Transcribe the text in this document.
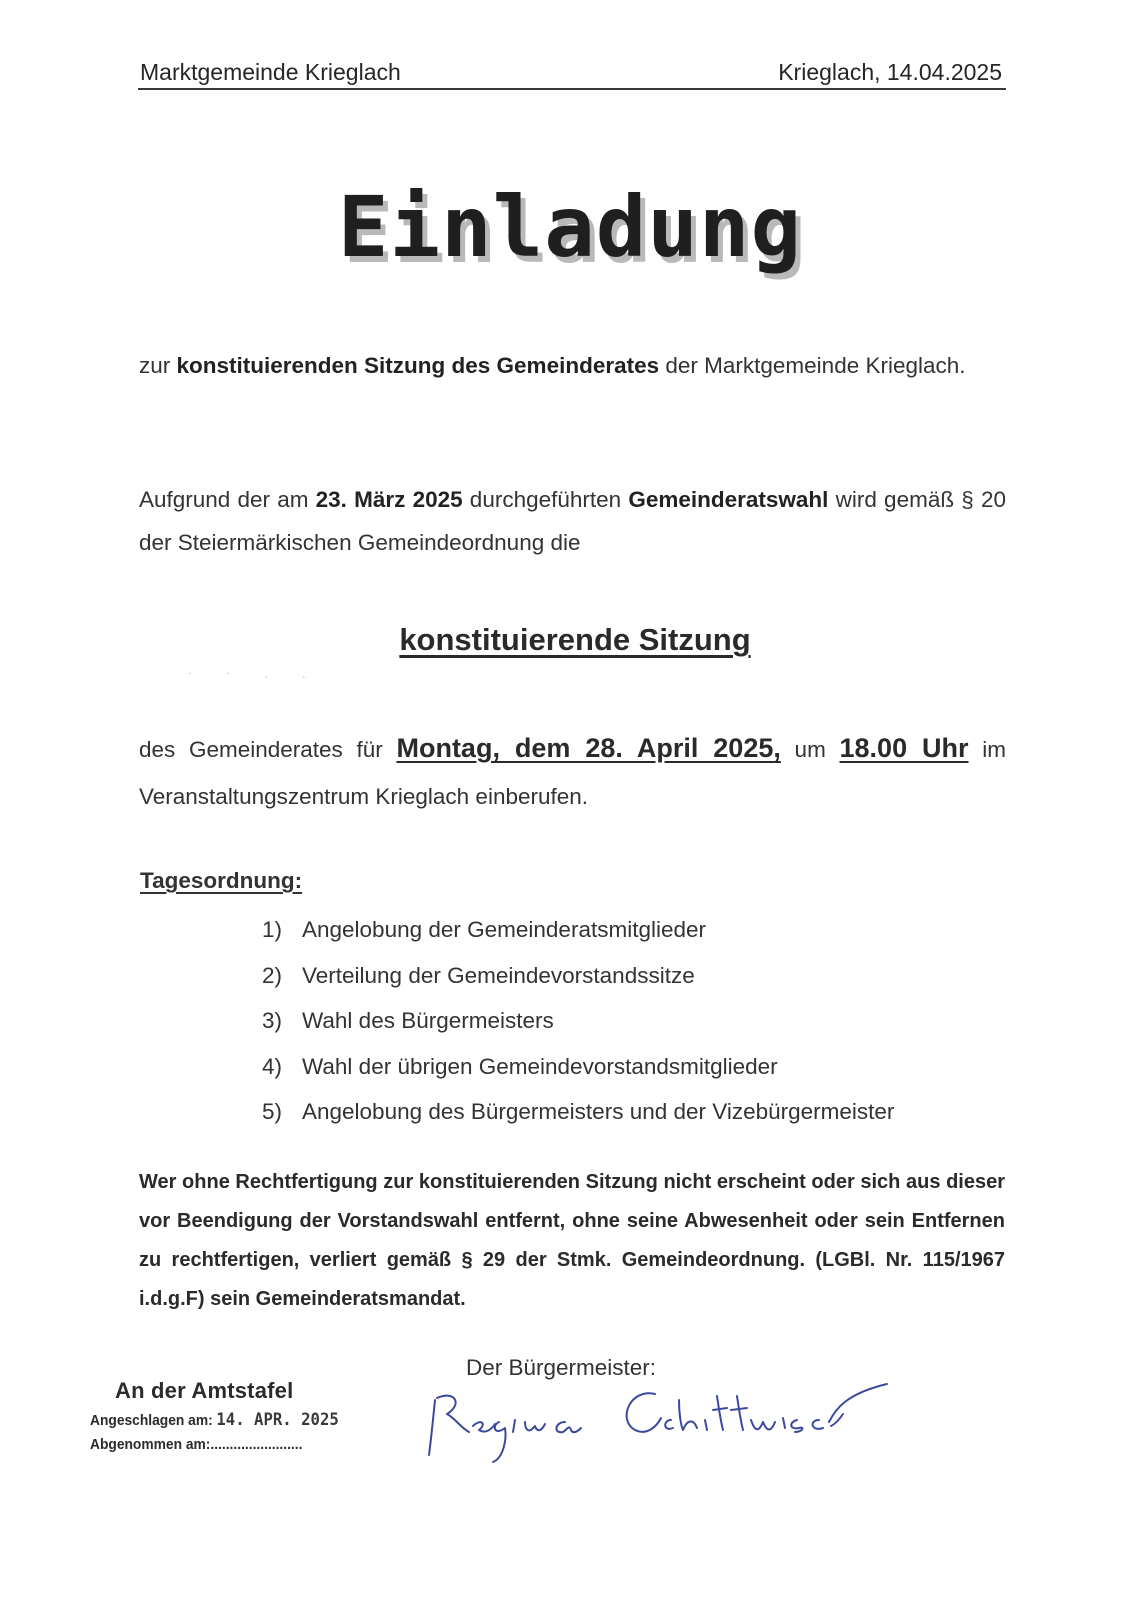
Marktgemeinde Krieglach	Krieglach, 14.04.2025
Einladung
zur konstituierenden Sitzung des Gemeinderates der Marktgemeinde Krieglach.
Aufgrund der am 23. März 2025 durchgeführten Gemeinderatswahl wird gemäß § 20 der Steiermärkischen Gemeindeordnung die
konstituierende Sitzung
· · ˏ ˎ
des Gemeinderates für Montag, dem 28. April 2025, um 18.00 Uhr im Veranstaltungszentrum Krieglach einberufen.
Tagesordnung:
1) Angelobung der Gemeinderatsmitglieder
2) Verteilung der Gemeindevorstandssitze
3) Wahl des Bürgermeisters
4) Wahl der übrigen Gemeindevorstandsmitglieder
5) Angelobung des Bürgermeisters und der Vizebürgermeister
Wer ohne Rechtfertigung zur konstituierenden Sitzung nicht erscheint oder sich aus dieser vor Beendigung der Vorstandswahl entfernt, ohne seine Abwesenheit oder sein Entfernen zu rechtfertigen, verliert gemäß § 29 der Stmk. Gemeindeordnung. (LGBl. Nr. 115/1967 i.d.g.F) sein Gemeinderatsmandat.
Der Bürgermeister:
An der Amtstafel
Angeschlagen am: 14. APR. 2025
Abgenommen am:........................
